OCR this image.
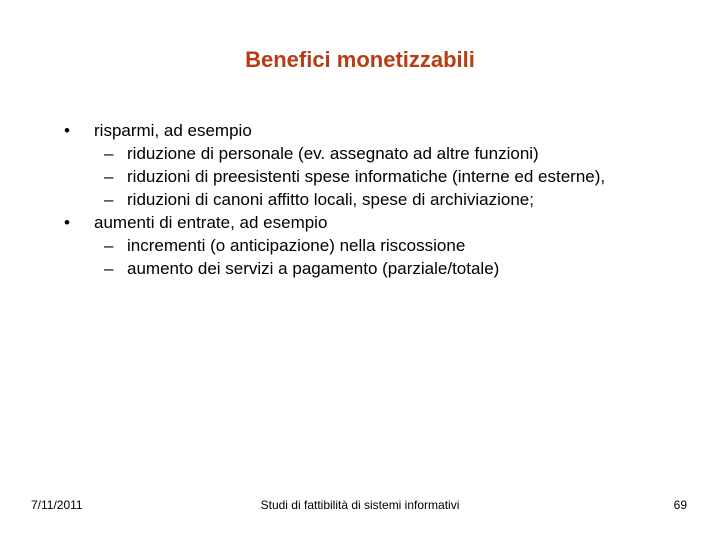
Benefici monetizzabili
• risparmi, ad esempio
– riduzione di personale (ev. assegnato ad altre funzioni)
– riduzioni di preesistenti spese informatiche (interne ed esterne),
– riduzioni di canoni affitto locali, spese di archiviazione;
• aumenti di entrate, ad esempio
– incrementi (o anticipazione) nella riscossione
– aumento dei servizi a pagamento (parziale/totale)
7/11/2011	Studi di fattibilità di sistemi informativi	69
